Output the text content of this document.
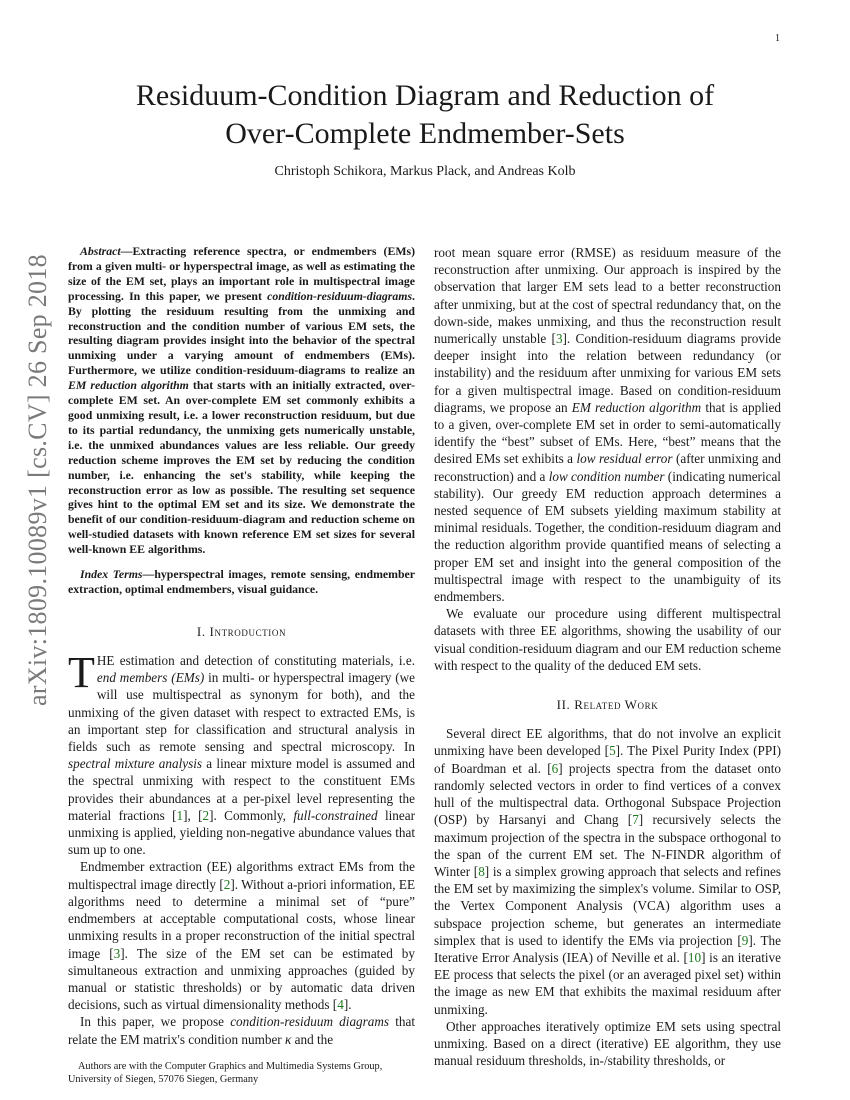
1
arXiv:1809.10089v1 [cs.CV] 26 Sep 2018
Residuum-Condition Diagram and Reduction of
Over-Complete Endmember-Sets
Christoph Schikora, Markus Plack, and Andreas Kolb

Abstract—Extracting reference spectra, or endmembers (EMs) from a given multi- or hyperspectral image, as well as estimating the size of the EM set, plays an important role in multispectral image processing. In this paper, we present condition-residuum-diagrams. By plotting the residuum resulting from the unmixing and reconstruction and the condition number of various EM sets, the resulting diagram provides insight into the behavior of the spectral unmixing under a varying amount of endmembers (EMs). Furthermore, we utilize condition-residuum-diagrams to realize an EM reduction algorithm that starts with an initially extracted, over-complete EM set. An over-complete EM set commonly exhibits a good unmixing result, i.e. a lower reconstruction residuum, but due to its partial redundancy, the unmixing gets numerically unstable, i.e. the unmixed abundances values are less reliable. Our greedy reduction scheme improves the EM set by reducing the condition number, i.e. enhancing the set's stability, while keeping the reconstruction error as low as possible. The resulting set sequence gives hint to the optimal EM set and its size. We demonstrate the benefit of our condition-residuum-diagram and reduction scheme on well-studied datasets with known reference EM set sizes for several well-known EE algorithms.

Index Terms—hyperspectral images, remote sensing, endmember extraction, optimal endmembers, visual guidance.

I. Introduction

THE estimation and detection of constituting materials, i.e. end members (EMs) in multi- or hyperspectral imagery (we will use multispectral as synonym for both), and the unmixing of the given dataset with respect to extracted EMs, is an important step for classification and structural analysis in fields such as remote sensing and spectral microscopy. In spectral mixture analysis a linear mixture model is assumed and the spectral unmixing with respect to the constituent EMs provides their abundances at a per-pixel level representing the material fractions [1], [2]. Commonly, full-constrained linear unmixing is applied, yielding non-negative abundance values that sum up to one.

Endmember extraction (EE) algorithms extract EMs from the multispectral image directly [2]. Without a-priori information, EE algorithms need to determine a minimal set of “pure” endmembers at acceptable computational costs, whose linear unmixing results in a proper reconstruction of the initial spectral image [3]. The size of the EM set can be estimated by simultaneous extraction and unmixing approaches (guided by manual or statistic thresholds) or by automatic data driven decisions, such as virtual dimensionality methods [4].

In this paper, we propose condition-residuum diagrams that relate the EM matrix's condition number κ and the

Authors are with the Computer Graphics and Multimedia Systems Group, University of Siegen, 57076 Siegen, Germany

root mean square error (RMSE) as residuum measure of the reconstruction after unmixing. Our approach is inspired by the observation that larger EM sets lead to a better reconstruction after unmixing, but at the cost of spectral redundancy that, on the down-side, makes unmixing, and thus the reconstruction result numerically unstable [3]. Condition-residuum diagrams provide deeper insight into the relation between redundancy (or instability) and the residuum after unmixing for various EM sets for a given multispectral image. Based on condition-residuum diagrams, we propose an EM reduction algorithm that is applied to a given, over-complete EM set in order to semi-automatically identify the “best” subset of EMs. Here, “best” means that the desired EMs set exhibits a low residual error (after unmixing and reconstruction) and a low condition number (indicating numerical stability). Our greedy EM reduction approach determines a nested sequence of EM subsets yielding maximum stability at minimal residuals. Together, the condition-residuum diagram and the reduction algorithm provide quantified means of selecting a proper EM set and insight into the general composition of the multispectral image with respect to the unambiguity of its endmembers.

We evaluate our procedure using different multispectral datasets with three EE algorithms, showing the usability of our visual condition-residuum diagram and our EM reduction scheme with respect to the quality of the deduced EM sets.

II. Related Work

Several direct EE algorithms, that do not involve an explicit unmixing have been developed [5]. The Pixel Purity Index (PPI) of Boardman et al. [6] projects spectra from the dataset onto randomly selected vectors in order to find vertices of a convex hull of the multispectral data. Orthogonal Subspace Projection (OSP) by Harsanyi and Chang [7] recursively selects the maximum projection of the spectra in the subspace orthogonal to the span of the current EM set. The N-FINDR algorithm of Winter [8] is a simplex growing approach that selects and refines the EM set by maximizing the simplex's volume. Similar to OSP, the Vertex Component Analysis (VCA) algorithm uses a subspace projection scheme, but generates an intermediate simplex that is used to identify the EMs via projection [9]. The Iterative Error Analysis (IEA) of Neville et al. [10] is an iterative EE process that selects the pixel (or an averaged pixel set) within the image as new EM that exhibits the maximal residuum after unmixing.

Other approaches iteratively optimize EM sets using spectral unmixing. Based on a direct (iterative) EE algorithm, they use manual residuum thresholds, in-/stability thresholds, or
